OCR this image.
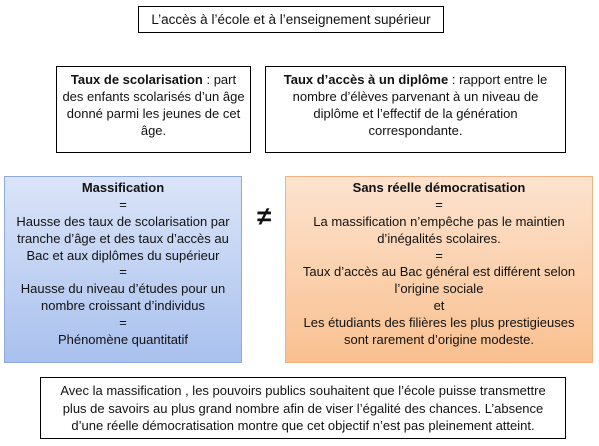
L’accès à l’école et à l’enseignement supérieur
Taux de scolarisation : part des enfants scolarisés d’un âge donné parmi les jeunes de cet âge.
Taux d’accès à un diplôme : rapport entre le nombre d’élèves parvenant à un niveau de diplôme et l’effectif de la génération correspondante.
Massification
=
Hausse des taux de scolarisation par tranche d’âge et des taux d’accès au Bac et aux diplômes du supérieur
=
Hausse du niveau d’études pour un nombre croissant d’individus
=
Phénomène quantitatif
≠
Sans réelle démocratisation
=
La massification n’empêche pas le maintien d’inégalités scolaires.
=
Taux d’accès au Bac général est différent selon l’origine sociale
et
Les étudiants des filières les plus prestigieuses sont rarement d’origine modeste.
Avec la massification , les pouvoirs publics souhaitent que l’école puisse transmettre plus de savoirs au plus grand nombre afin de viser l’égalité des chances. L’absence d’une réelle démocratisation montre que cet objectif n’est pas pleinement atteint.
